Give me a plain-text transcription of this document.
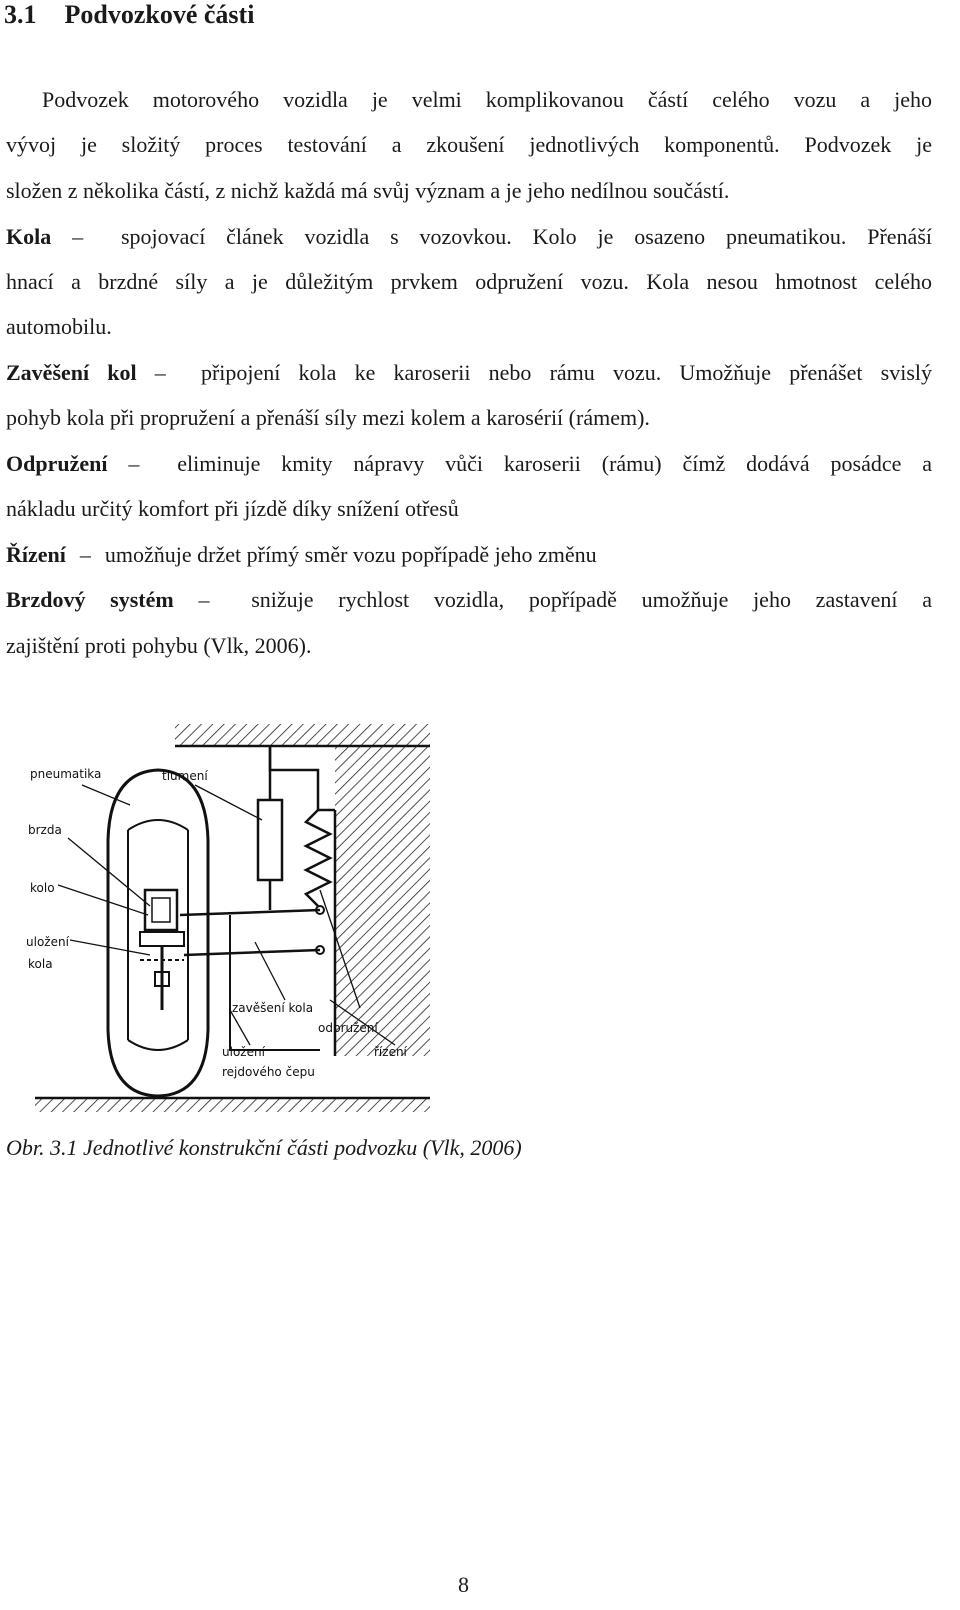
3.1 Podvozkové části
Podvozek motorového vozidla je velmi komplikovanou částí celého vozu a jeho
vývoj je složitý proces testování a zkoušení jednotlivých komponentů. Podvozek je
složen z několika částí, z nichž každá má svůj význam a je jeho nedílnou součástí.
Kola – spojovací článek vozidla s vozovkou. Kolo je osazeno pneumatikou. Přenáší
hnací a brzdné síly a je důležitým prvkem odpružení vozu. Kola nesou hmotnost celého
automobilu.
Zavěšení kol – připojení kola ke karoserii nebo rámu vozu. Umožňuje přenášet svislý
pohyb kola při propružení a přenáší síly mezi kolem a karosérií (rámem).
Odpružení – eliminuje kmity nápravy vůči karoserii (rámu) čímž dodává posádce a
nákladu určitý komfort při jízdě díky snížení otřesů
Řízení – umožňuje držet přímý směr vozu popřípadě jeho změnu
Brzdový systém – snižuje rychlost vozidla, popřípadě umožňuje jeho zastavení a
zajištění proti pohybu (Vlk, 2006).
pneumatika	tlumení
brzda
kolo
uložení
kola
zavěšení kola
odpružení
uložení
rejdového čepu
řízení
Obr. 3.1 Jednotlivé konstrukční části podvozku (Vlk, 2006)
8
